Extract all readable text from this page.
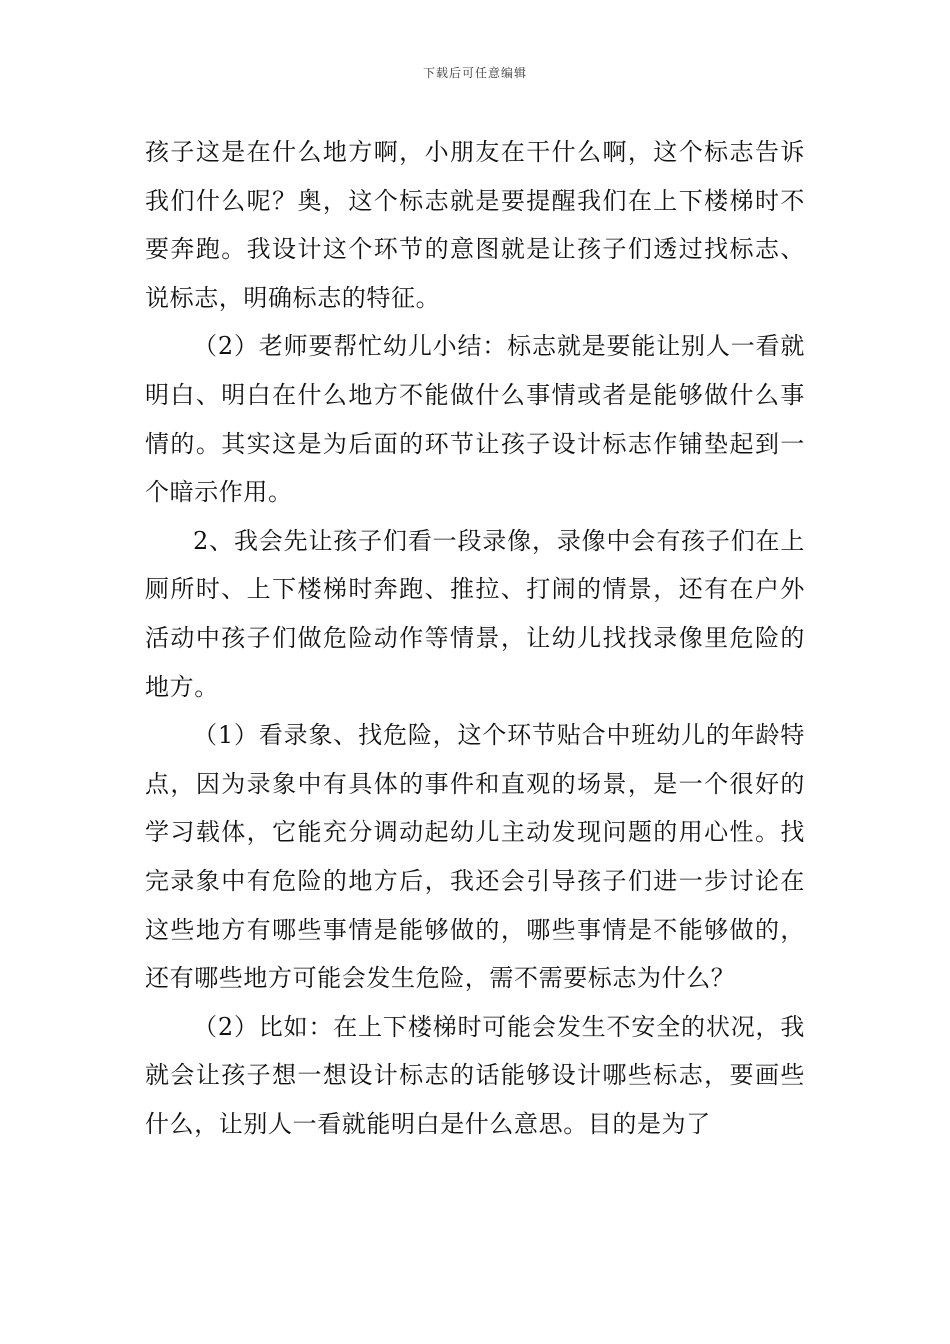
下载后可任意编辑

孩子这是在什么地方啊，小朋友在干什么啊，这个标志告诉我们什么呢？奥，这个标志就是要提醒我们在上下楼梯时不要奔跑。我设计这个环节的意图就是让孩子们透过找标志、说标志，明确标志的特征。

（2）老师要帮忙幼儿小结：标志就是要能让别人一看就明白、明白在什么地方不能做什么事情或者是能够做什么事情的。其实这是为后面的环节让孩子设计标志作铺垫起到一个暗示作用。

2、我会先让孩子们看一段录像，录像中会有孩子们在上厕所时、上下楼梯时奔跑、推拉、打闹的情景，还有在户外活动中孩子们做危险动作等情景，让幼儿找找录像里危险的地方。

（1）看录象、找危险，这个环节贴合中班幼儿的年龄特点，因为录象中有具体的事件和直观的场景，是一个很好的学习载体，它能充分调动起幼儿主动发现问题的用心性。找完录象中有危险的地方后，我还会引导孩子们进一步讨论在这些地方有哪些事情是能够做的，哪些事情是不能够做的，还有哪些地方可能会发生危险，需不需要标志为什么？

（2）比如：在上下楼梯时可能会发生不安全的状况，我就会让孩子想一想设计标志的话能够设计哪些标志，要画些什么，让别人一看就能明白是什么意思。目的是为了
